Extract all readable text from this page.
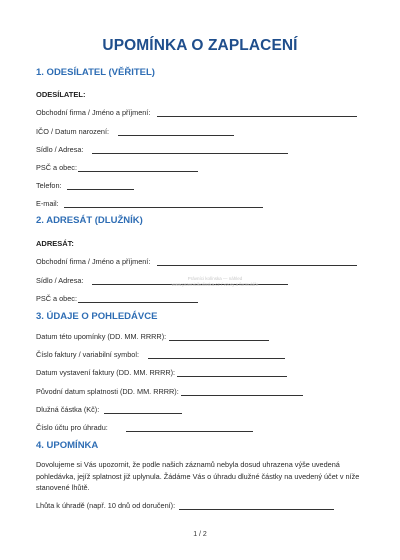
UPOMÍNKA O ZAPLACENÍ
1. ODESÍLATEL (VĚŘITEL)
ODESÍLATEL:
Obchodní firma / Jméno a příjmení:
IČO / Datum narození:
Sídlo / Adresa:
PSČ a obec:
Telefon:
E-mail:
2. ADRESÁT (DLUŽNÍK)
ADRESÁT:
Obchodní firma / Jméno a příjmení:
Sídlo / Adresa:
PSČ a obec:
3. ÚDAJE O POHLEDÁVCE
Datum této upomínky (DD. MM. RRRR):
Číslo faktury / variabilní symbol:
Datum vystavení faktury (DD. MM. RRRR):
Původní datum splatnosti (DD. MM. RRRR):
Dlužná částka (Kč):
Číslo účtu pro úhradu:
4. UPOMÍNKA
Dovolujeme si Vás upozornit, že podle našich záznamů nebyla dosud uhrazena výše uvedená pohledávka, jejíž splatnost již uplynula. Žádáme Vás o úhradu dlužné částky na uvedený účet v níže stanovené lhůtě.
Lhůta k úhradě (např. 10 dnů od doručení):
Právníci kolínska — náhled
www.pravnicikolinska.cz / vzory a formuláře
1 / 2
